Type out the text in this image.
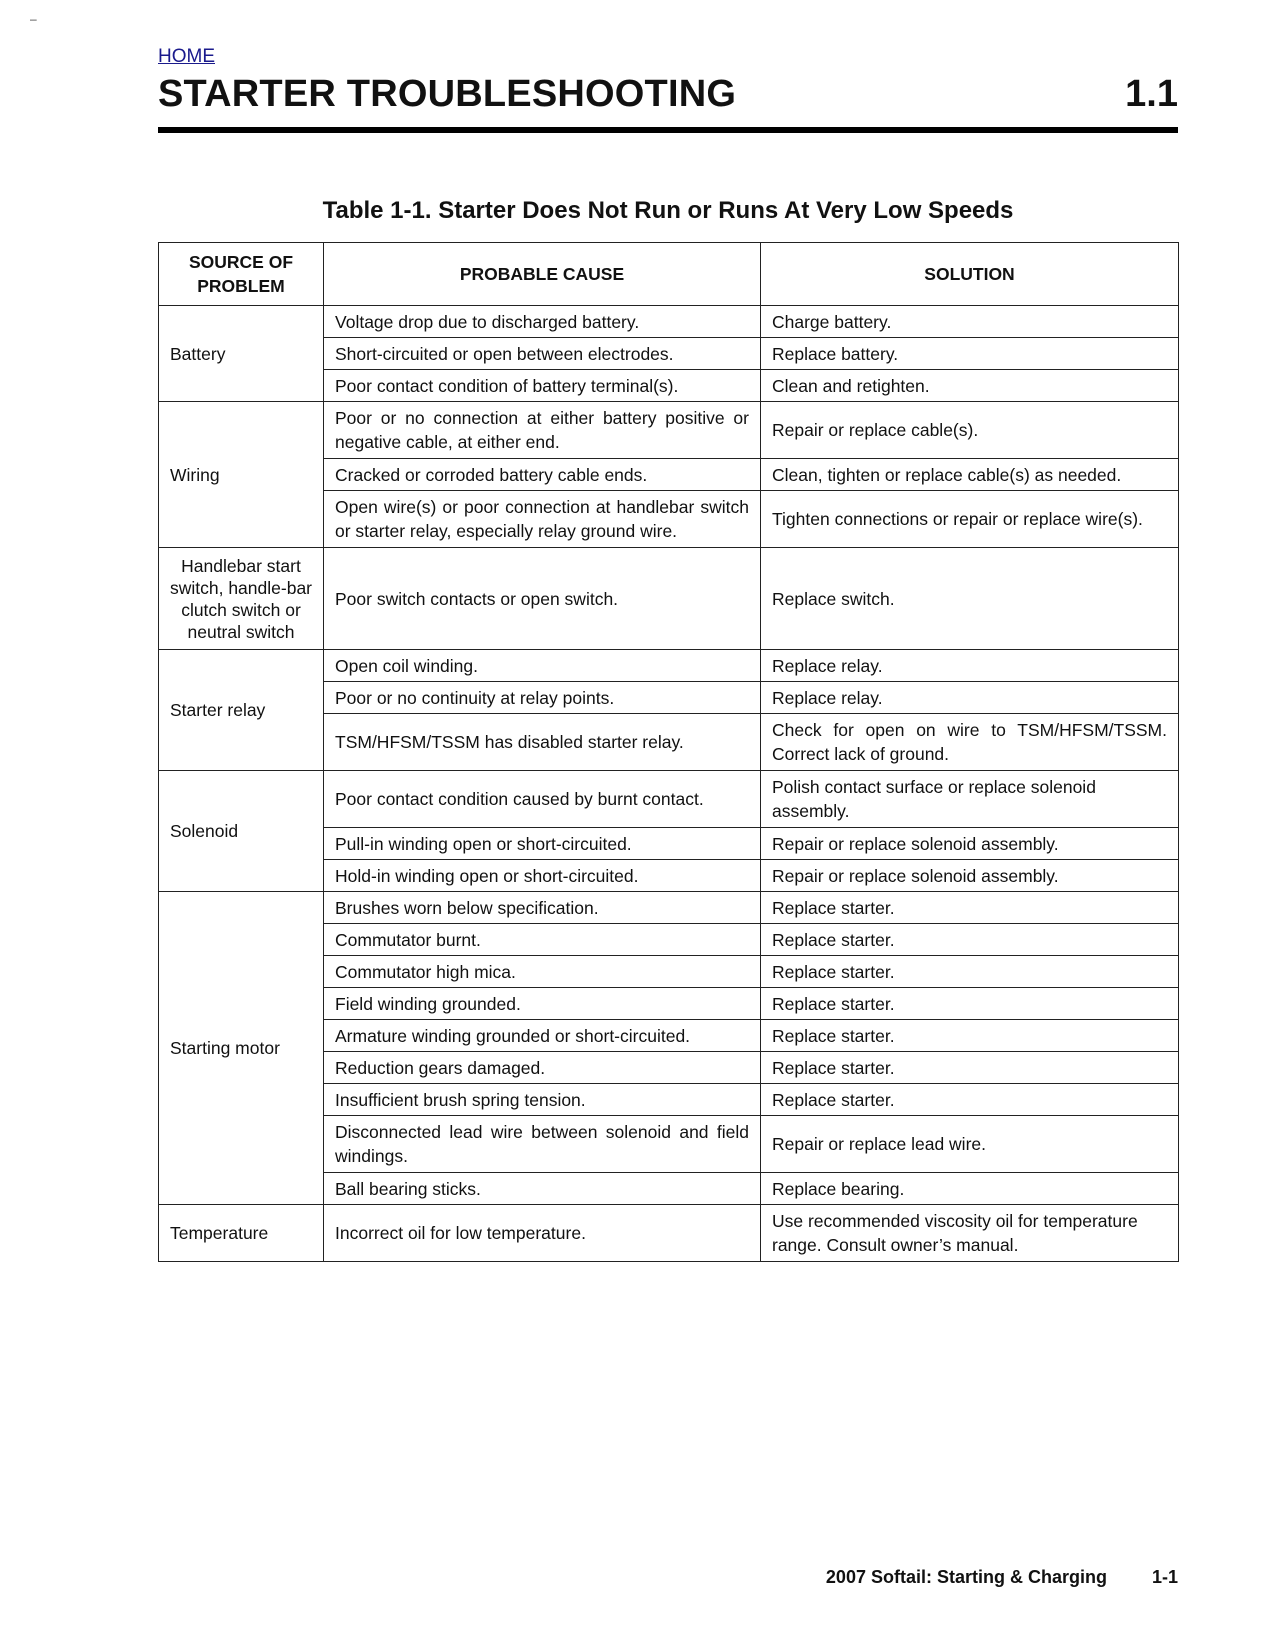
–
HOME
STARTER TROUBLESHOOTING	1.1
Table 1-1. Starter Does Not Run or Runs At Very Low Speeds
SOURCE OF PROBLEM	PROBABLE CAUSE	SOLUTION
Battery	Voltage drop due to discharged battery.	Charge battery.
	Short-circuited or open between electrodes.	Replace battery.
	Poor contact condition of battery terminal(s).	Clean and retighten.
Wiring	Poor or no connection at either battery positive or negative cable, at either end.	Repair or replace cable(s).
	Cracked or corroded battery cable ends.	Clean, tighten or replace cable(s) as needed.
	Open wire(s) or poor connection at handlebar switch or starter relay, especially relay ground wire.	Tighten connections or repair or replace wire(s).
Handlebar start switch, handle-bar clutch switch or neutral switch	Poor switch contacts or open switch.	Replace switch.
Starter relay	Open coil winding.	Replace relay.
	Poor or no continuity at relay points.	Replace relay.
	TSM/HFSM/TSSM has disabled starter relay.	Check for open on wire to TSM/HFSM/TSSM. Correct lack of ground.
Solenoid	Poor contact condition caused by burnt contact.	Polish contact surface or replace solenoid assembly.
	Pull-in winding open or short-circuited.	Repair or replace solenoid assembly.
	Hold-in winding open or short-circuited.	Repair or replace solenoid assembly.
Starting motor	Brushes worn below specification.	Replace starter.
	Commutator burnt.	Replace starter.
	Commutator high mica.	Replace starter.
	Field winding grounded.	Replace starter.
	Armature winding grounded or short-circuited.	Replace starter.
	Reduction gears damaged.	Replace starter.
	Insufficient brush spring tension.	Replace starter.
	Disconnected lead wire between solenoid and field windings.	Repair or replace lead wire.
	Ball bearing sticks.	Replace bearing.
Temperature	Incorrect oil for low temperature.	Use recommended viscosity oil for temperature range. Consult owner’s manual.
2007 Softail: Starting & Charging	1-1
